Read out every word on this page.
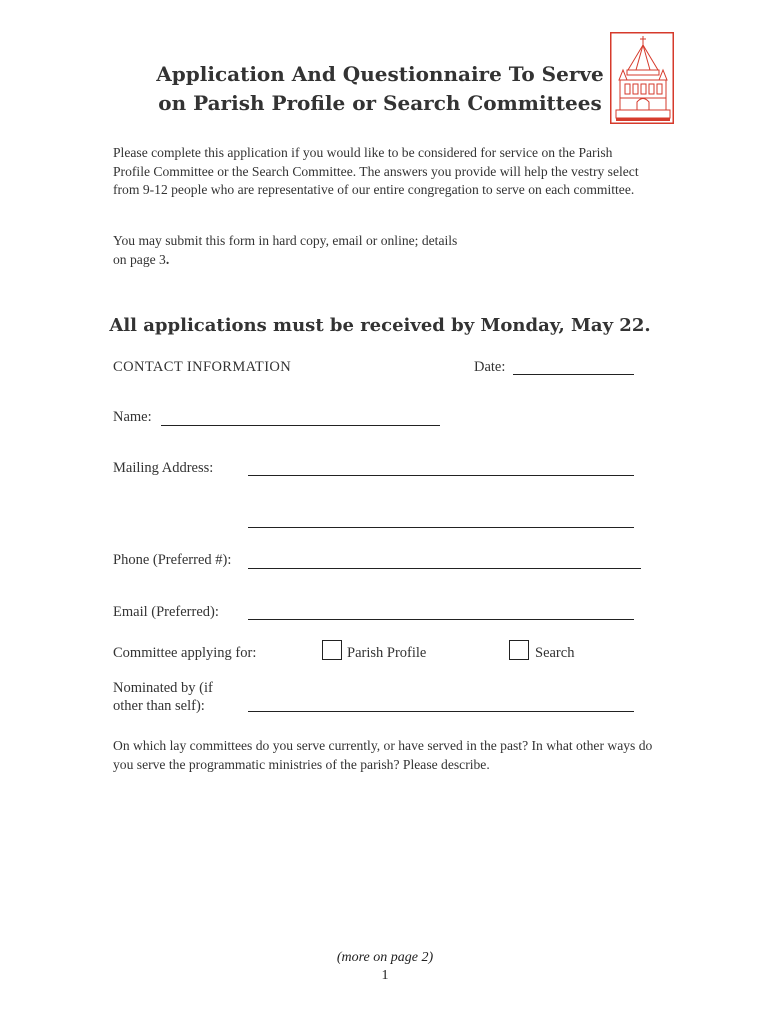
Application And Questionnaire To Serve
on Parish Profile or Search Committees
Please complete this application if you would like to be considered for service on the Parish Profile Committee or the Search Committee. The answers you provide will help the vestry select from 9-12 people who are representative of our entire congregation to serve on each committee.
You may submit this form in hard copy, email or online; details
on page 3.
All applications must be received by Monday, May 22.
CONTACT INFORMATION	Date:
Name:
Mailing Address:
Phone (Preferred #):
Email (Preferred):
Committee applying for:	Parish Profile	Search
Nominated by (if
other than self):
On which lay committees do you serve currently, or have served in the past? In what other ways do you serve the programmatic ministries of the parish? Please describe.
(more on page 2)
1
